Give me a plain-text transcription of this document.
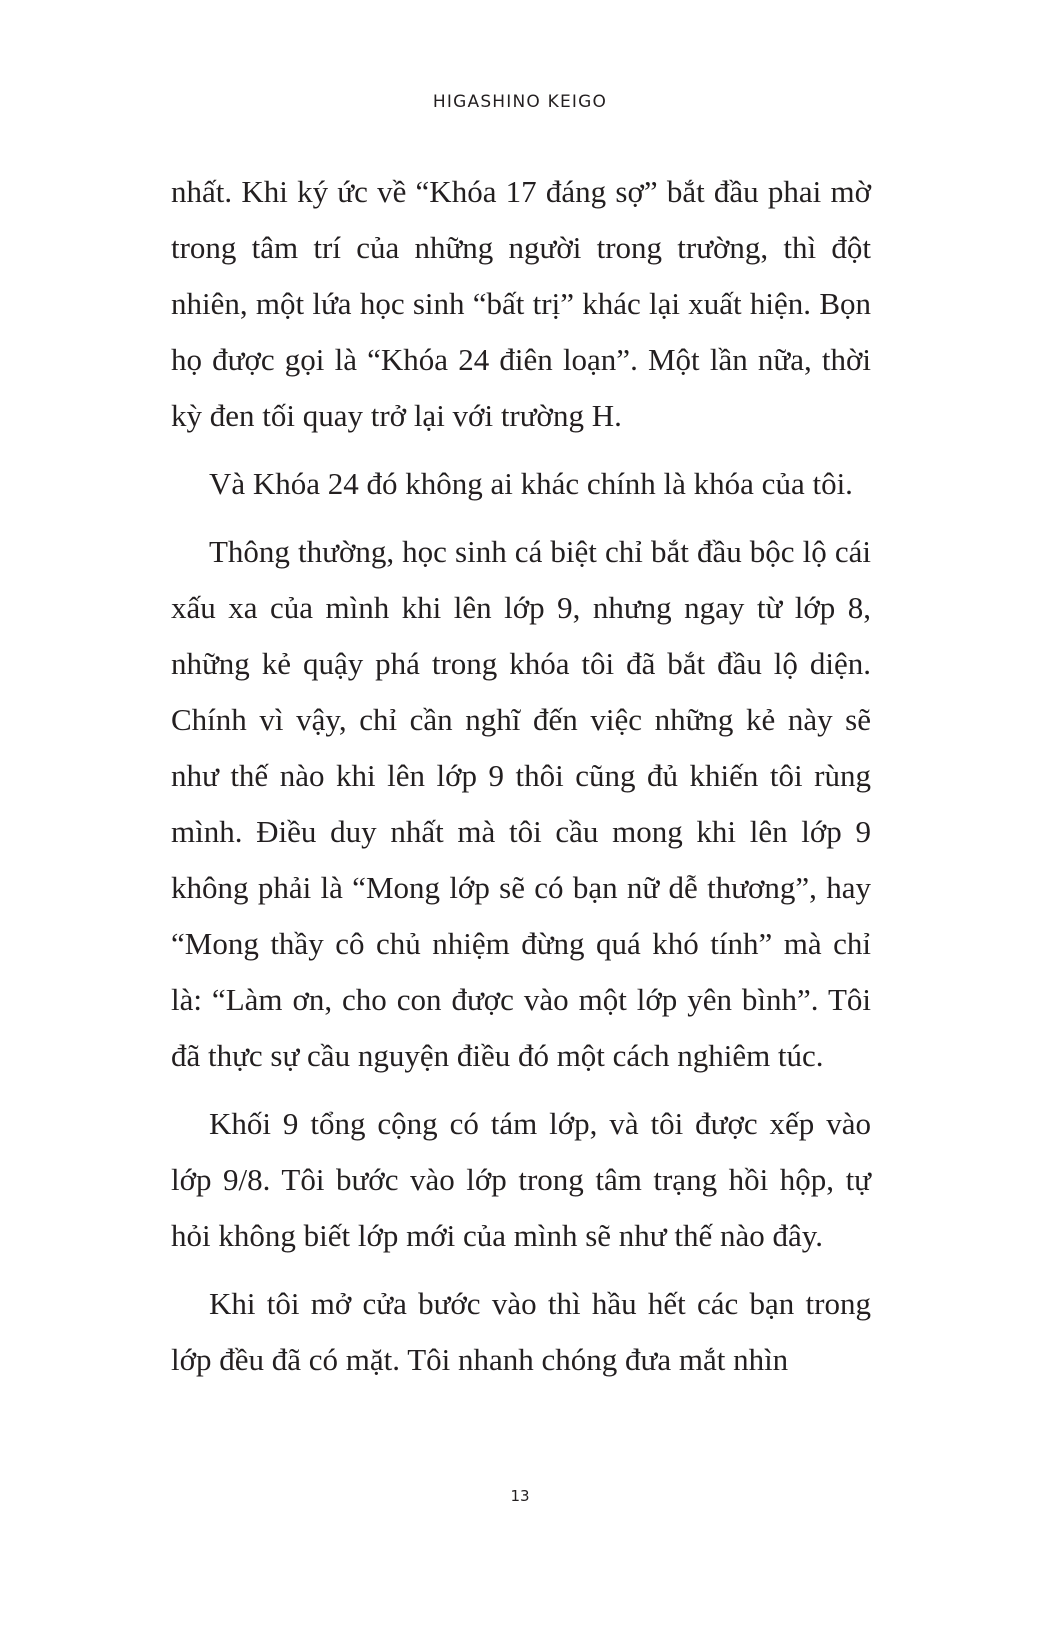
HIGASHINO KEIGO

nhất. Khi ký ức về “Khóa 17 đáng sợ” bắt đầu phai mờ trong tâm trí của những người trong trường, thì đột nhiên, một lứa học sinh “bất trị” khác lại xuất hiện. Bọn họ được gọi là “Khóa 24 điên loạn”. Một lần nữa, thời kỳ đen tối quay trở lại với trường H.

Và Khóa 24 đó không ai khác chính là khóa của tôi.

Thông thường, học sinh cá biệt chỉ bắt đầu bộc lộ cái xấu xa của mình khi lên lớp 9, nhưng ngay từ lớp 8, những kẻ quậy phá trong khóa tôi đã bắt đầu lộ diện. Chính vì vậy, chỉ cần nghĩ đến việc những kẻ này sẽ như thế nào khi lên lớp 9 thôi cũng đủ khiến tôi rùng mình. Điều duy nhất mà tôi cầu mong khi lên lớp 9 không phải là “Mong lớp sẽ có bạn nữ dễ thương”, hay “Mong thầy cô chủ nhiệm đừng quá khó tính” mà chỉ là: “Làm ơn, cho con được vào một lớp yên bình”. Tôi đã thực sự cầu nguyện điều đó một cách nghiêm túc.

Khối 9 tổng cộng có tám lớp, và tôi được xếp vào lớp 9/8. Tôi bước vào lớp trong tâm trạng hồi hộp, tự hỏi không biết lớp mới của mình sẽ như thế nào đây.

Khi tôi mở cửa bước vào thì hầu hết các bạn trong lớp đều đã có mặt. Tôi nhanh chóng đưa mắt nhìn

13
